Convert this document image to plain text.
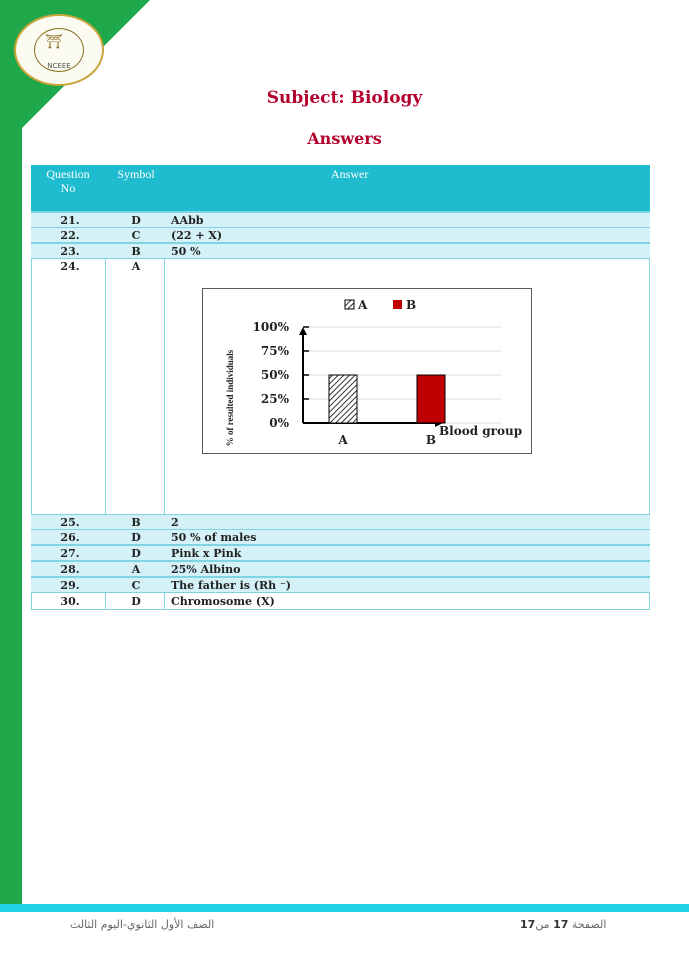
⛩
NCEEE
Subject: Biology
Answers
Question
No
Symbol	Answer
21.	D	AAbb
22.	C	(22 + X)
23.	B	50 %
24.	A
100%
75%
50%
25%
0%
% of resulted individuals	A	B
Blood group
A	B
25.	B	2
26.	D	50 % of males
27.	D	Pink x Pink
28.	A	25% Albino
29.	C	The father is (Rh ⁻)
30.	D	Chromosome (X)
الصف الأول الثانوي-اليوم الثالث	الصفحة 17 من17
